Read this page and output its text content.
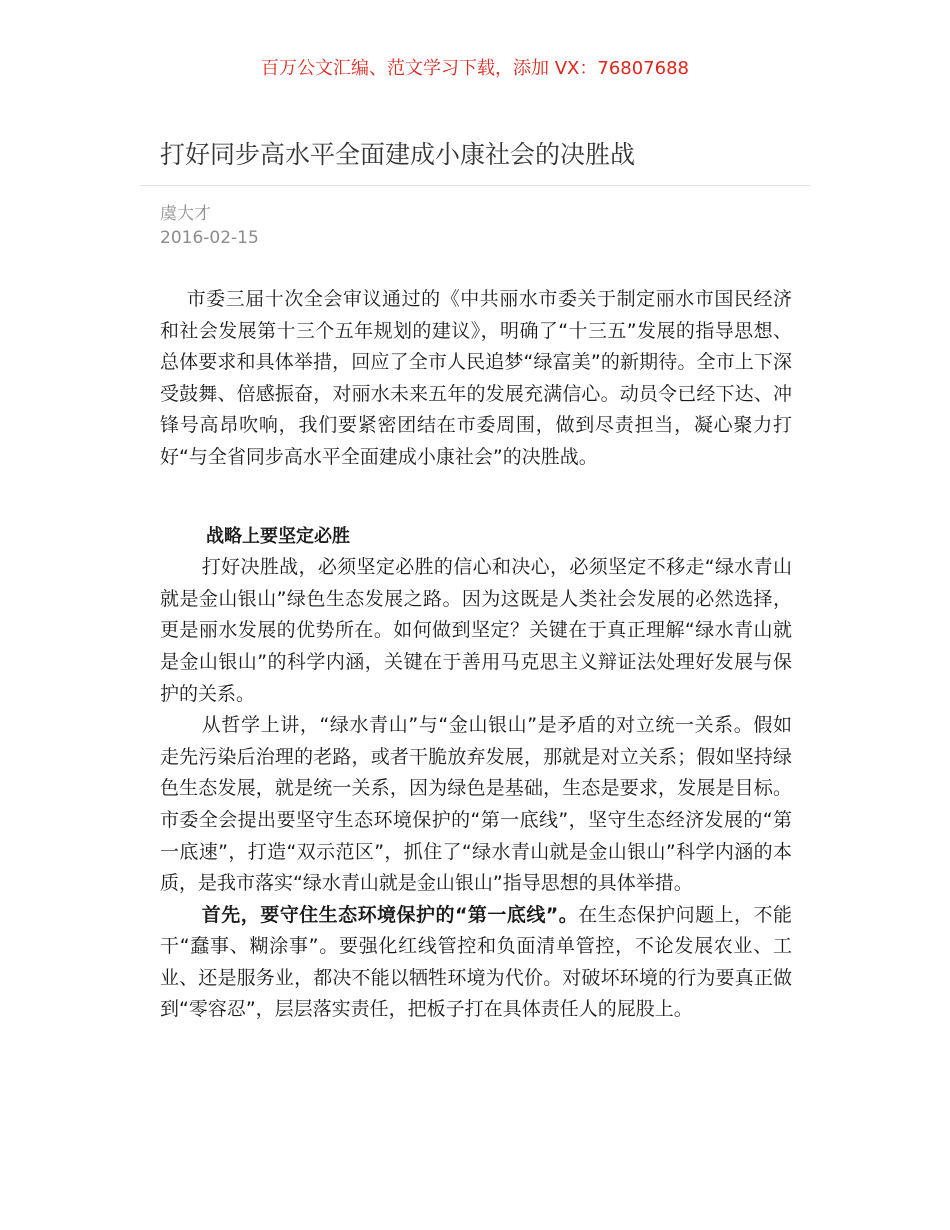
百万公文汇编、范文学习下载，添加 VX：76807688
打好同步高水平全面建成小康社会的决胜战
虞大才
2016-02-15

市委三届十次全会审议通过的《中共丽水市委关于制定丽水市国民经济和社会发展第十三个五年规划的建议》，明确了“十三五”发展的指导思想、总体要求和具体举措，回应了全市人民追梦“绿富美”的新期待。全市上下深受鼓舞、倍感振奋，对丽水未来五年的发展充满信心。动员令已经下达、冲锋号高昂吹响，我们要紧密团结在市委周围，做到尽责担当，凝心聚力打好“与全省同步高水平全面建成小康社会”的决胜战。

战略上要坚定必胜

打好决胜战，必须坚定必胜的信心和决心，必须坚定不移走“绿水青山就是金山银山”绿色生态发展之路。因为这既是人类社会发展的必然选择，更是丽水发展的优势所在。如何做到坚定？关键在于真正理解“绿水青山就是金山银山”的科学内涵，关键在于善用马克思主义辩证法处理好发展与保护的关系。

从哲学上讲，“绿水青山”与“金山银山”是矛盾的对立统一关系。假如走先污染后治理的老路，或者干脆放弃发展，那就是对立关系；假如坚持绿色生态发展，就是统一关系，因为绿色是基础，生态是要求，发展是目标。市委全会提出要坚守生态环境保护的“第一底线”，坚守生态经济发展的“第一底速”，打造“双示范区”，抓住了“绿水青山就是金山银山”科学内涵的本质，是我市落实“绿水青山就是金山银山”指导思想的具体举措。

首先，要守住生态环境保护的“第一底线”。在生态保护问题上，不能干“蠢事、糊涂事”。要强化红线管控和负面清单管控，不论发展农业、工业、还是服务业，都决不能以牺牲环境为代价。对破坏环境的行为要真正做到“零容忍”，层层落实责任，把板子打在具体责任人的屁股上。
